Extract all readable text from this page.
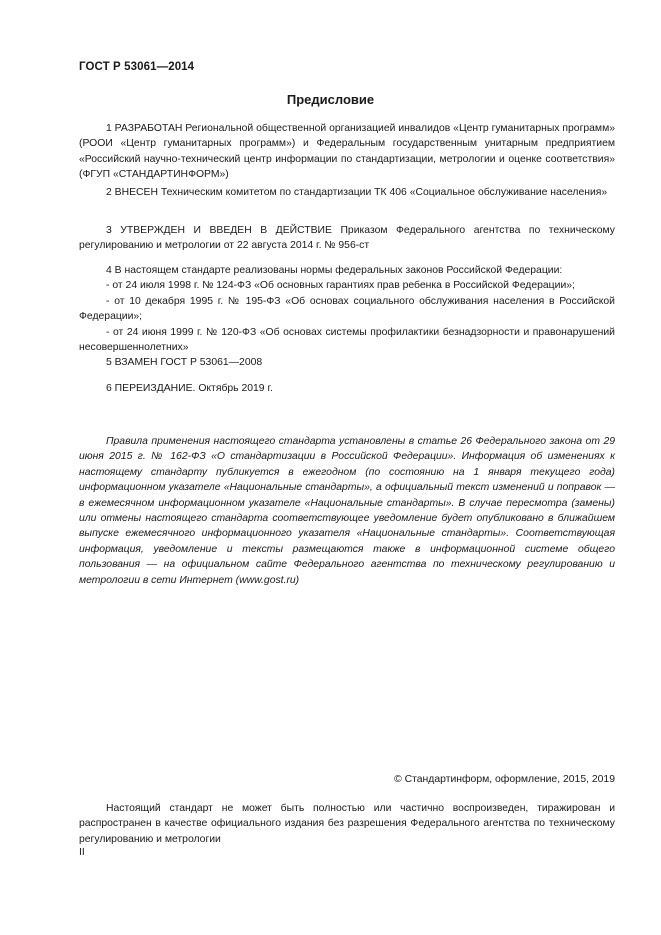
ГОСТ Р 53061—2014
Предисловие

1 РАЗРАБОТАН Региональной общественной организацией инвалидов «Центр гуманитарных программ» (РООИ «Центр гуманитарных программ») и Федеральным государственным унитарным предприятием «Российский научно-технический центр информации по стандартизации, метрологии и оценке соответствия» (ФГУП «СТАНДАРТИНФОРМ»)

2 ВНЕСЕН Техническим комитетом по стандартизации ТК 406 «Социальное обслуживание населения»

3 УТВЕРЖДЕН И ВВЕДЕН В ДЕЙСТВИЕ Приказом Федерального агентства по техническому регулированию и метрологии от 22 августа 2014 г. № 956-ст

4 В настоящем стандарте реализованы нормы федеральных законов Российской Федерации:

- от 24 июля 1998 г. № 124-ФЗ «Об основных гарантиях прав ребенка в Российской Федерации»;

- от 10 декабря 1995 г. № 195-ФЗ «Об основах социального обслуживания населения в Российской Федерации»;

- от 24 июня 1999 г. № 120-ФЗ «Об основах системы профилактики безнадзорности и правонарушений несовершеннолетних»

5 ВЗАМЕН ГОСТ Р 53061—2008

6 ПЕРЕИЗДАНИЕ. Октябрь 2019 г.

Правила применения настоящего стандарта установлены в статье 26 Федерального закона от 29 июня 2015 г. № 162-ФЗ «О стандартизации в Российской Федерации». Информация об изменениях к настоящему стандарту публикуется в ежегодном (по состоянию на 1 января текущего года) информационном указателе «Национальные стандарты», а официальный текст изменений и поправок — в ежемесячном информационном указателе «Национальные стандарты». В случае пересмотра (замены) или отмены настоящего стандарта соответствующее уведомление будет опубликовано в ближайшем выпуске ежемесячного информационного указателя «Национальные стандарты». Соответствующая информация, уведомление и тексты размещаются также в информационной системе общего пользования — на официальном сайте Федерального агентства по техническому регулированию и метрологии в сети Интернет (www.gost.ru)

© Стандартинформ, оформление, 2015, 2019

Настоящий стандарт не может быть полностью или частично воспроизведен, тиражирован и распространен в качестве официального издания без разрешения Федерального агентства по техническому регулированию и метрологии

II
